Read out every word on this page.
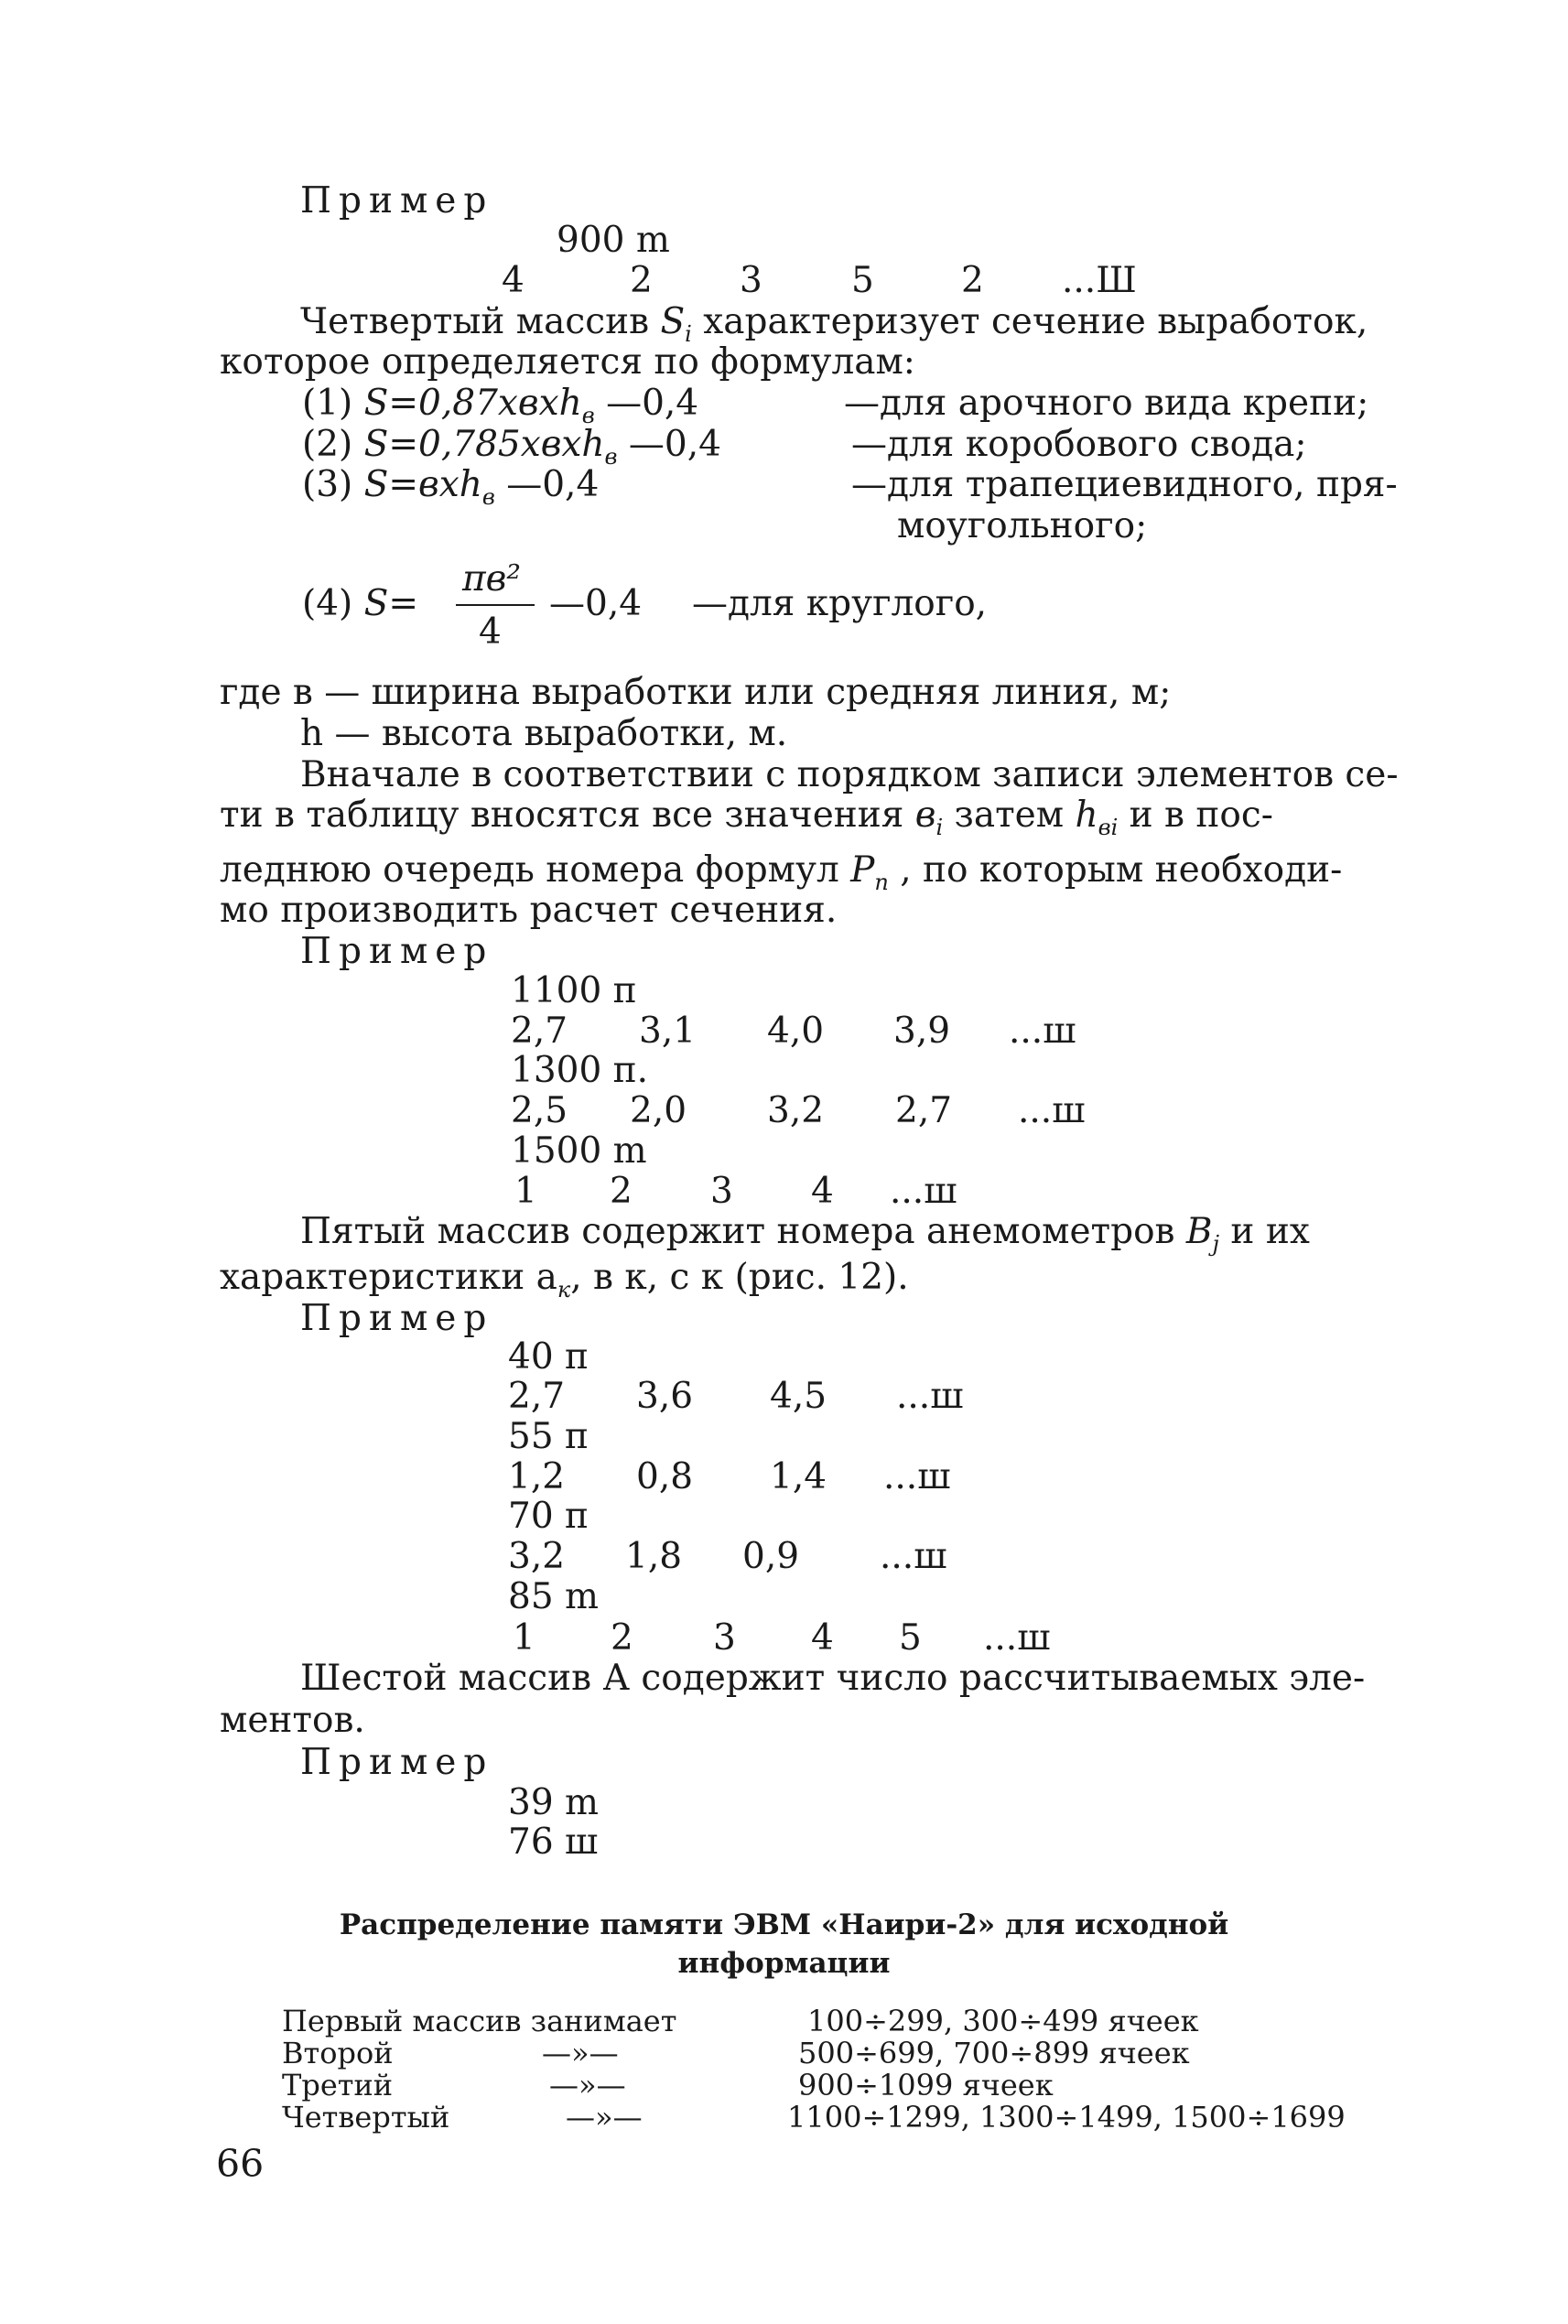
Пример
900 m
4	2 3 5 2 ...Ш
Четвертый массив $S_i$ характеризует сечение выработок,
которое определяется по формулам:
(1) S=0,87хвхh$_в$ —0,4	—для арочного вида крепи;
(2) S=0,785хвхh$_в$ —0,4	—для коробового свода;
(3) S=вхh$_в$ —0,4	—для трапециевидного, пря-
моугольного;
(4) S=
πв²
4
—0,4 —для круглого,
где в — ширина выработки или средняя линия, м;
h — высота выработки, м.
Вначале в соответствии с порядком записи элементов се-
ти в таблицу вносятся все значения $в_i$ затем $h_{вi}$ и в пос-
леднюю очередь номера формул $P_n$ , по которым необходи-
мо производить расчет сечения.
Пример
1100 п
2,7 3,1 4,0 3,9 ...ш
1300 п.
2,5 2,0 3,2 2,7 ...ш
1500 m
1 2 3 4 ...ш
Пятый массив содержит номера анемометров $B_j$ и их
характеристики $а_к$, в к, с к (рис. 12).
Пример
40 п
2,7 3,6 4,5 ...ш
55 п
1,2 0,8 1,4 ...ш
70 п
3,2 1,8 0,9 ...ш
85 m
1 2 3 4 5 ...ш
Шестой массив А содержит число рассчитываемых эле-
ментов.
Пример
39 m
76 ш
Распределение памяти ЭВМ «Наири-2» для исходной
информации
Первый массив занимает	100÷299, 300÷499 ячеек
Второй	—»—	500÷699, 700÷899 ячеек
Третий	—»—	900÷1099 ячеек
Четвертый	—»—	1100÷1299, 1300÷1499, 1500÷1699
66
